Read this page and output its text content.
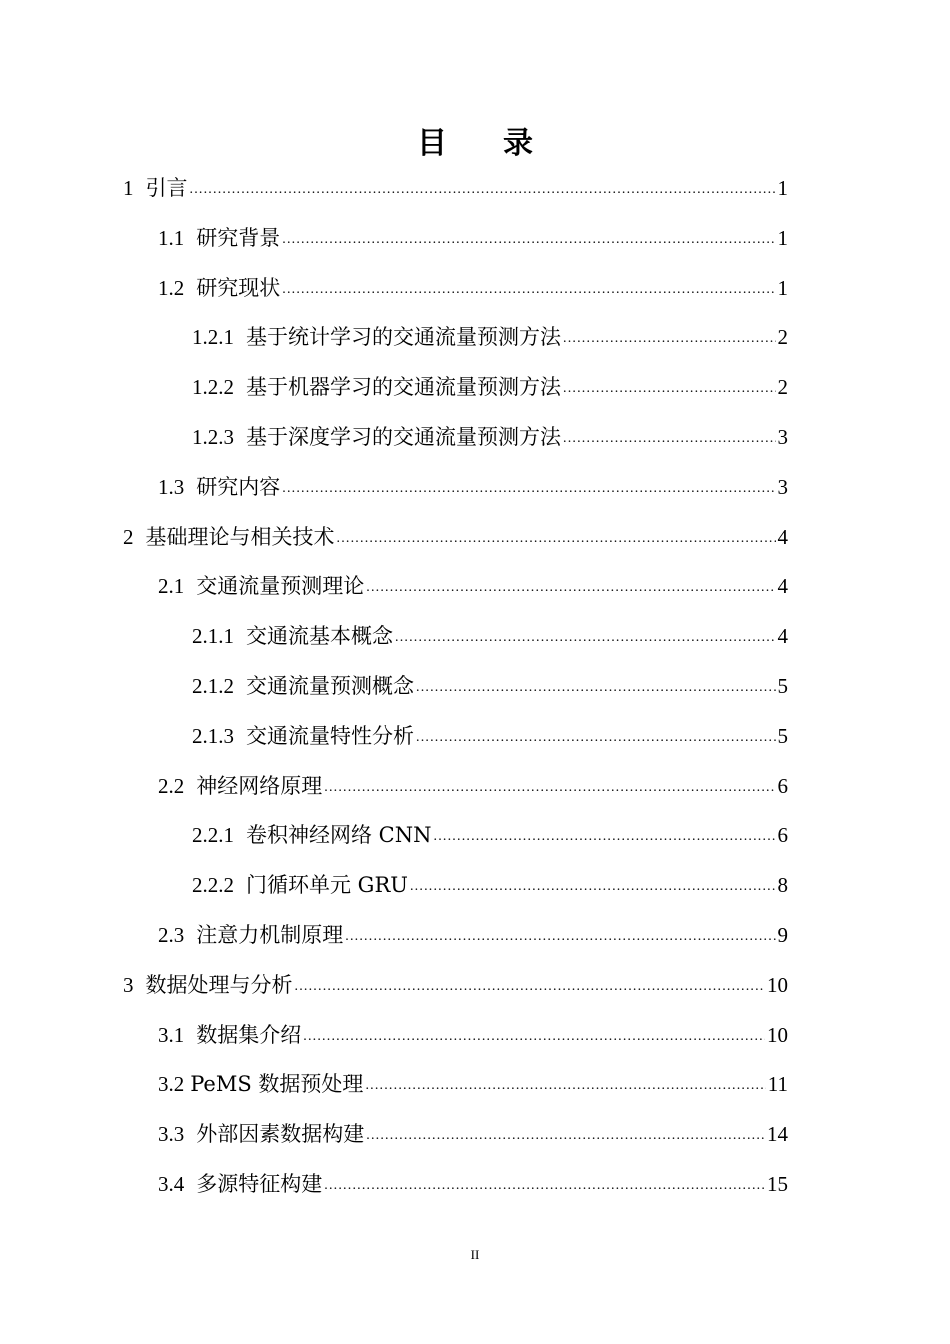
目 录
1 引言 .....	1
1.1 研究背景 .....	1
1.2 研究现状 .....	1
1.2.1 基于统计学习的交通流量预测方法 .....	2
1.2.2 基于机器学习的交通流量预测方法 .....	2
1.2.3 基于深度学习的交通流量预测方法 .....	3
1.3 研究内容 .....	3
2 基础理论与相关技术 .....	4
2.1 交通流量预测理论 .....	4
2.1.1 交通流基本概念 .....	4
2.1.2 交通流量预测概念 .....	5
2.1.3 交通流量特性分析 .....	5
2.2 神经网络原理 .....	6
2.2.1 卷积神经网络 CNN .....	6
2.2.2 门循环单元 GRU .....	8
2.3 注意力机制原理 .....	9
3 数据处理与分析 .....	10
3.1 数据集介绍 .....	10
3.2 PeMS 数据预处理 .....	11
3.3 外部因素数据构建 .....	14
3.4 多源特征构建 .....	15
II
